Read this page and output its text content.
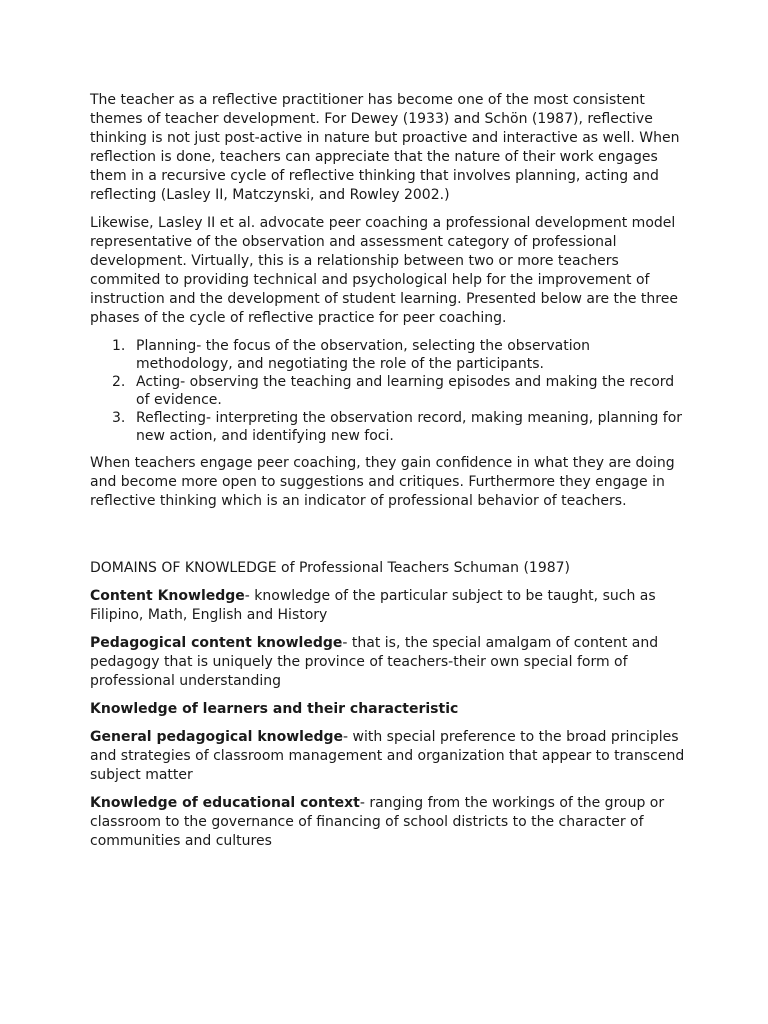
The teacher as a reflective practitioner has become one of the most consistent themes of teacher development. For Dewey (1933) and Schön (1987), reflective thinking is not just post-active in nature but proactive and interactive as well. When reflection is done, teachers can appreciate that the nature of their work engages them in a recursive cycle of reflective thinking that involves planning, acting and reflecting (Lasley II, Matczynski, and Rowley 2002.)

Likewise, Lasley II et al. advocate peer coaching a professional development model representative of the observation and assessment category of professional development. Virtually, this is a relationship between two or more teachers commited to providing technical and psychological help for the improvement of instruction and the development of student learning. Presented below are the three phases of the cycle of reflective practice for peer coaching.

1. Planning- the focus of the observation, selecting the observation methodology, and negotiating the role of the participants.
2. Acting- observing the teaching and learning episodes and making the record of evidence.
3. Reflecting- interpreting the observation record, making meaning, planning for new action, and identifying new foci.

When teachers engage peer coaching, they gain confidence in what they are doing and become more open to suggestions and critiques. Furthermore they engage in reflective thinking which is an indicator of professional behavior of teachers.

DOMAINS OF KNOWLEDGE of Professional Teachers Schuman (1987)

Content Knowledge- knowledge of the particular subject to be taught, such as Filipino, Math, English and History

Pedagogical content knowledge- that is, the special amalgam of content and pedagogy that is uniquely the province of teachers-their own special form of professional understanding

Knowledge of learners and their characteristic

General pedagogical knowledge- with special preference to the broad principles and strategies of classroom management and organization that appear to transcend subject matter

Knowledge of educational context- ranging from the workings of the group or classroom to the governance of financing of school districts to the character of communities and cultures
